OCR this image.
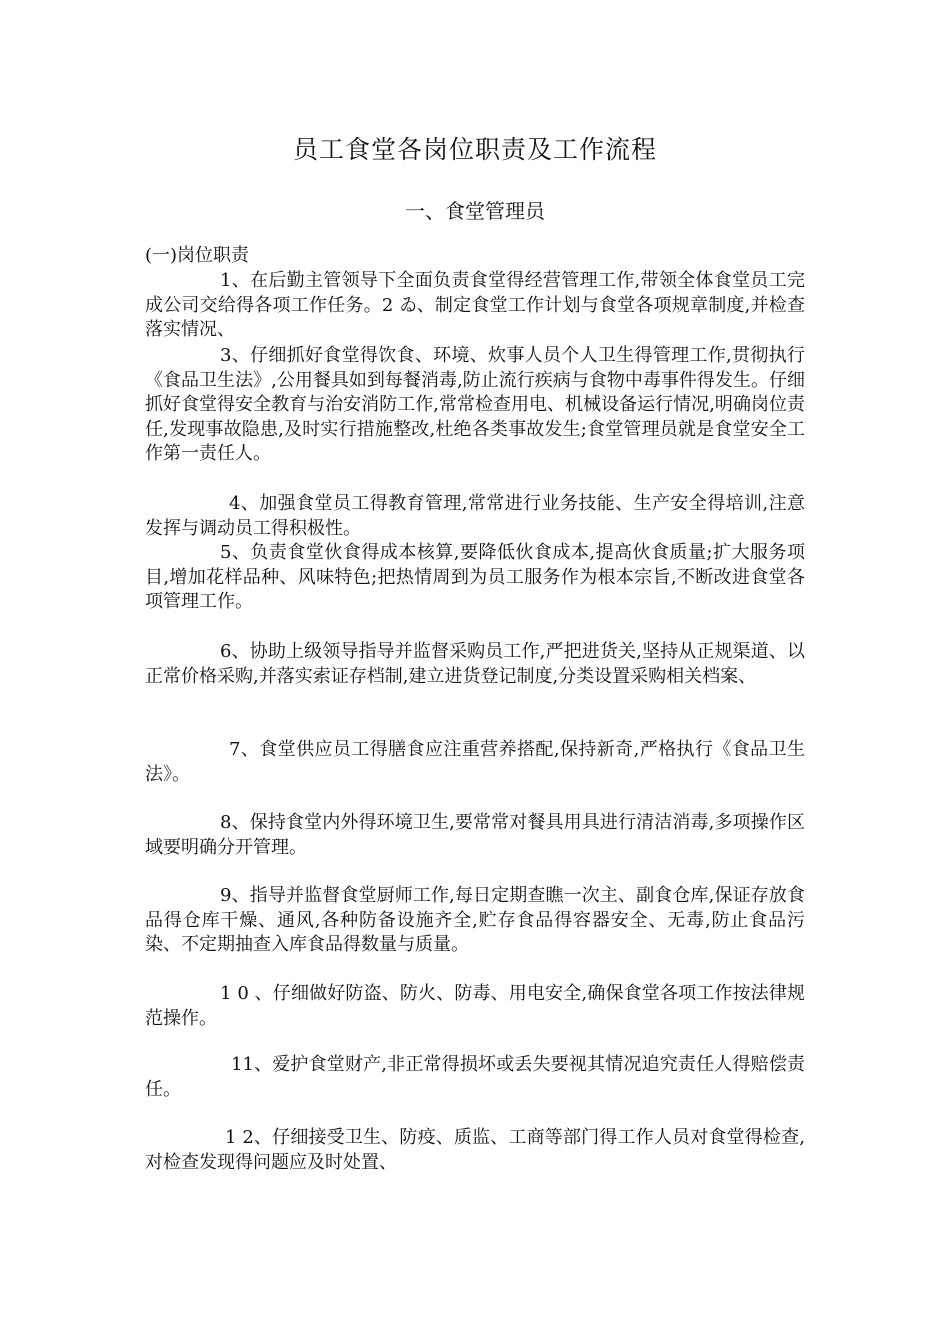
员工食堂各岗位职责及工作流程
一、食堂管理员
(一)岗位职责

1、在后勤主管领导下全面负责食堂得经营管理工作,带领全体食堂员工完成公司交给得各项工作任务。2 ゐ、制定食堂工作计划与食堂各项规章制度,并检查落实情况、

3、仔细抓好食堂得饮食、环境、炊事人员个人卫生得管理工作,贯彻执行《食品卫生法》,公用餐具如到每餐消毒,防止流行疾病与食物中毒事件得发生。仔细抓好食堂得安全教育与治安消防工作,常常检查用电、机械设备运行情况,明确岗位责任,发现事故隐患,及时实行措施整改,杜绝各类事故发生;食堂管理员就是食堂安全工作第一责任人。

4、加强食堂员工得教育管理,常常进行业务技能、生产安全得培训,注意发挥与调动员工得积极性。

5、负责食堂伙食得成本核算,要降低伙食成本,提高伙食质量;扩大服务项目,增加花样品种、风味特色;把热情周到为员工服务作为根本宗旨,不断改进食堂各项管理工作。

6、协助上级领导指导并监督采购员工作,严把进货关,坚持从正规渠道、以正常价格采购,并落实索证存档制,建立进货登记制度,分类设置采购相关档案、

7、食堂供应员工得膳食应注重营养搭配,保持新奇,严格执行《食品卫生法》。

8、保持食堂内外得环境卫生,要常常对餐具用具进行清洁消毒,多项操作区域要明确分开管理。

9、指导并监督食堂厨师工作,每日定期查瞧一次主、副食仓库,保证存放食品得仓库干燥、通风,各种防备设施齐全,贮存食品得容器安全、无毒,防止食品污染、不定期抽查入库食品得数量与质量。

1 0 、仔细做好防盗、防火、防毒、用电安全,确保食堂各项工作按法律规范操作。

11、爱护食堂财产,非正常得损坏或丢失要视其情况追究责任人得赔偿责任。

1 2、仔细接受卫生、防疫、质监、工商等部门得工作人员对食堂得检查,对检查发现得问题应及时处置、
